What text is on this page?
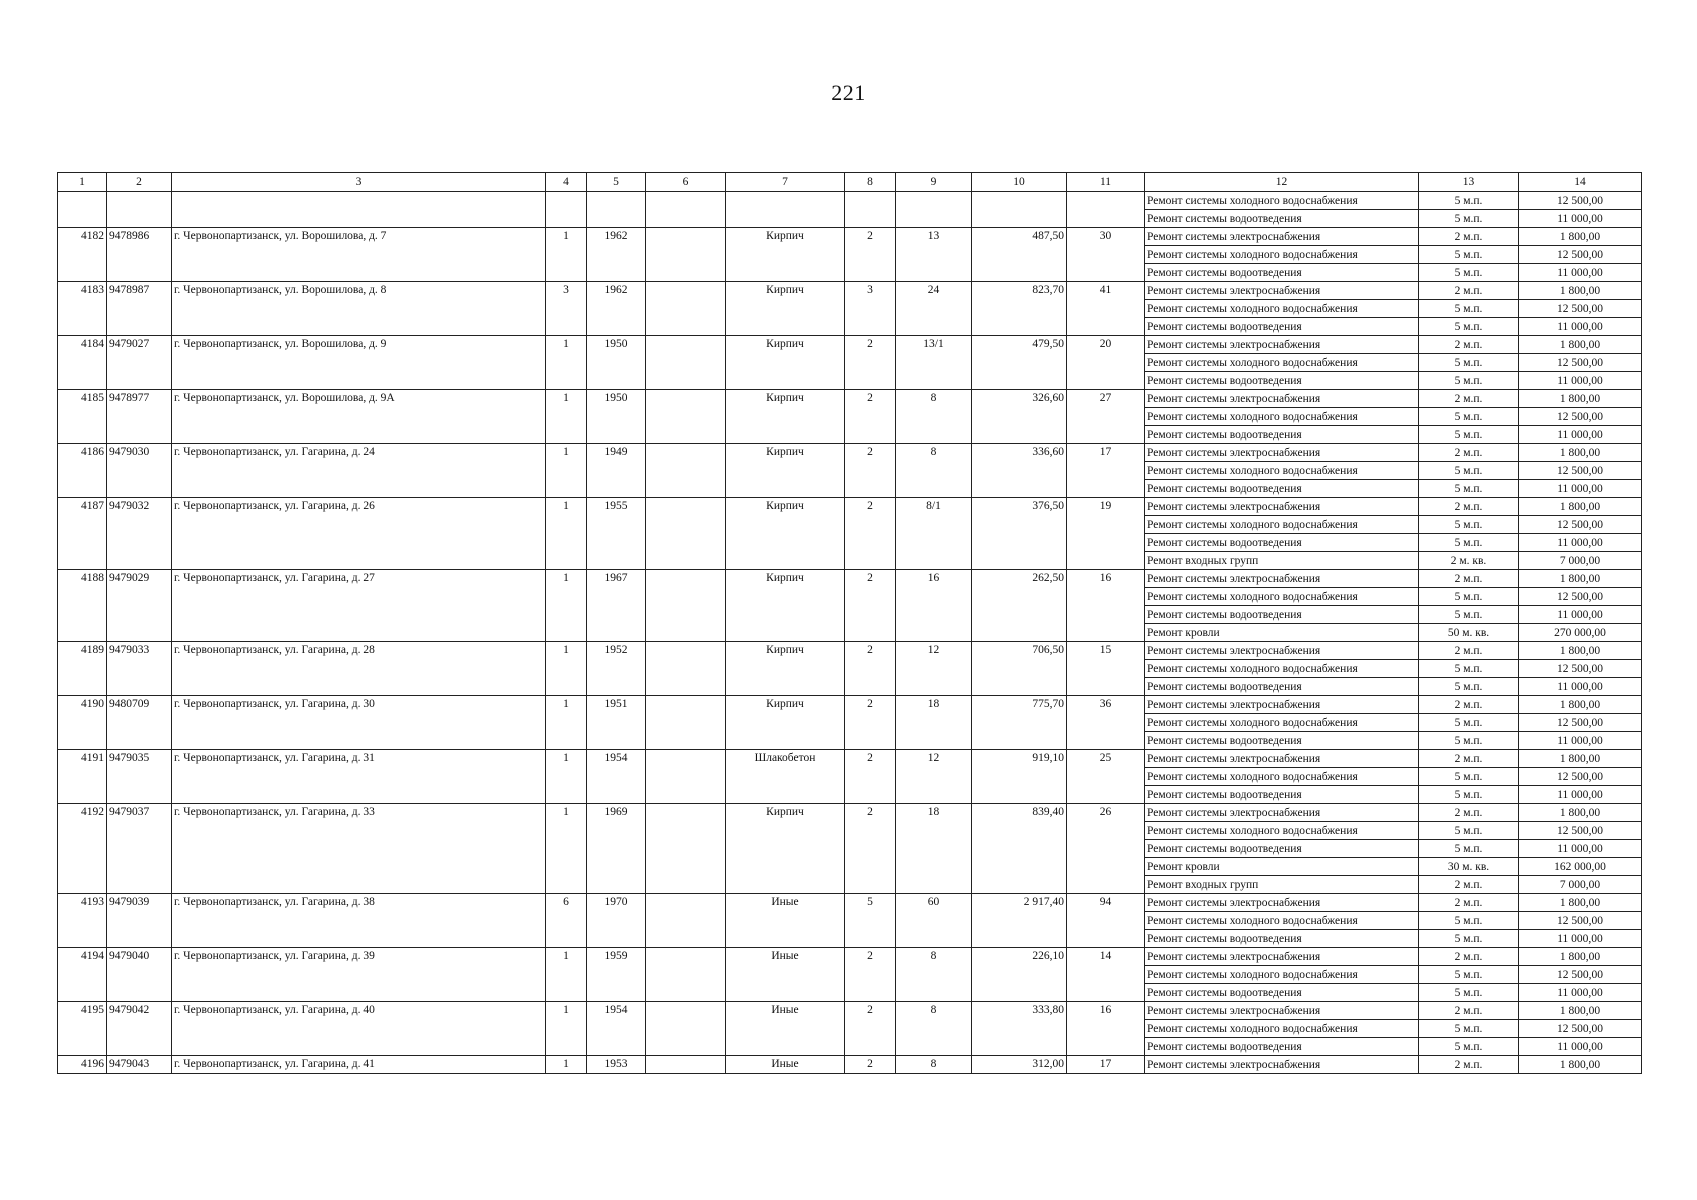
221
1	2	3	4	5	6	7	8	9	10	11	12	13	14
											Ремонт системы холодного водоснабжения	5 м.п.	12 500,00
											Ремонт системы водоотведения	5 м.п.	11 000,00
4182	9478986	г. Червонопартизанск, ул. Ворошилова, д. 7	1	1962		Кирпич	2	13	487,50	30	Ремонт системы электроснабжения	2 м.п.	1 800,00
											Ремонт системы холодного водоснабжения	5 м.п.	12 500,00
											Ремонт системы водоотведения	5 м.п.	11 000,00
4183	9478987	г. Червонопартизанск, ул. Ворошилова, д. 8	3	1962		Кирпич	3	24	823,70	41	Ремонт системы электроснабжения	2 м.п.	1 800,00
											Ремонт системы холодного водоснабжения	5 м.п.	12 500,00
											Ремонт системы водоотведения	5 м.п.	11 000,00
4184	9479027	г. Червонопартизанск, ул. Ворошилова, д. 9	1	1950		Кирпич	2	13/1	479,50	20	Ремонт системы электроснабжения	2 м.п.	1 800,00
											Ремонт системы холодного водоснабжения	5 м.п.	12 500,00
											Ремонт системы водоотведения	5 м.п.	11 000,00
4185	9478977	г. Червонопартизанск, ул. Ворошилова, д. 9А	1	1950		Кирпич	2	8	326,60	27	Ремонт системы электроснабжения	2 м.п.	1 800,00
											Ремонт системы холодного водоснабжения	5 м.п.	12 500,00
											Ремонт системы водоотведения	5 м.п.	11 000,00
4186	9479030	г. Червонопартизанск, ул. Гагарина, д. 24	1	1949		Кирпич	2	8	336,60	17	Ремонт системы электроснабжения	2 м.п.	1 800,00
											Ремонт системы холодного водоснабжения	5 м.п.	12 500,00
											Ремонт системы водоотведения	5 м.п.	11 000,00
4187	9479032	г. Червонопартизанск, ул. Гагарина, д. 26	1	1955		Кирпич	2	8/1	376,50	19	Ремонт системы электроснабжения	2 м.п.	1 800,00
											Ремонт системы холодного водоснабжения	5 м.п.	12 500,00
											Ремонт системы водоотведения	5 м.п.	11 000,00
											Ремонт входных групп	2 м. кв.	7 000,00
4188	9479029	г. Червонопартизанск, ул. Гагарина, д. 27	1	1967		Кирпич	2	16	262,50	16	Ремонт системы электроснабжения	2 м.п.	1 800,00
											Ремонт системы холодного водоснабжения	5 м.п.	12 500,00
											Ремонт системы водоотведения	5 м.п.	11 000,00
											Ремонт кровли	50 м. кв.	270 000,00
4189	9479033	г. Червонопартизанск, ул. Гагарина, д. 28	1	1952		Кирпич	2	12	706,50	15	Ремонт системы электроснабжения	2 м.п.	1 800,00
											Ремонт системы холодного водоснабжения	5 м.п.	12 500,00
											Ремонт системы водоотведения	5 м.п.	11 000,00
4190	9480709	г. Червонопартизанск, ул. Гагарина, д. 30	1	1951		Кирпич	2	18	775,70	36	Ремонт системы электроснабжения	2 м.п.	1 800,00
											Ремонт системы холодного водоснабжения	5 м.п.	12 500,00
											Ремонт системы водоотведения	5 м.п.	11 000,00
4191	9479035	г. Червонопартизанск, ул. Гагарина, д. 31	1	1954		Шлакобетон	2	12	919,10	25	Ремонт системы электроснабжения	2 м.п.	1 800,00
											Ремонт системы холодного водоснабжения	5 м.п.	12 500,00
											Ремонт системы водоотведения	5 м.п.	11 000,00
4192	9479037	г. Червонопартизанск, ул. Гагарина, д. 33	1	1969		Кирпич	2	18	839,40	26	Ремонт системы электроснабжения	2 м.п.	1 800,00
											Ремонт системы холодного водоснабжения	5 м.п.	12 500,00
											Ремонт системы водоотведения	5 м.п.	11 000,00
											Ремонт кровли	30 м. кв.	162 000,00
											Ремонт входных групп	2 м.п.	7 000,00
4193	9479039	г. Червонопартизанск, ул. Гагарина, д. 38	6	1970		Иные	5	60	2 917,40	94	Ремонт системы электроснабжения	2 м.п.	1 800,00
											Ремонт системы холодного водоснабжения	5 м.п.	12 500,00
											Ремонт системы водоотведения	5 м.п.	11 000,00
4194	9479040	г. Червонопартизанск, ул. Гагарина, д. 39	1	1959		Иные	2	8	226,10	14	Ремонт системы электроснабжения	2 м.п.	1 800,00
											Ремонт системы холодного водоснабжения	5 м.п.	12 500,00
											Ремонт системы водоотведения	5 м.п.	11 000,00
4195	9479042	г. Червонопартизанск, ул. Гагарина, д. 40	1	1954		Иные	2	8	333,80	16	Ремонт системы электроснабжения	2 м.п.	1 800,00
											Ремонт системы холодного водоснабжения	5 м.п.	12 500,00
											Ремонт системы водоотведения	5 м.п.	11 000,00
4196	9479043	г. Червонопартизанск, ул. Гагарина, д. 41	1	1953		Иные	2	8	312,00	17	Ремонт системы электроснабжения	2 м.п.	1 800,00
